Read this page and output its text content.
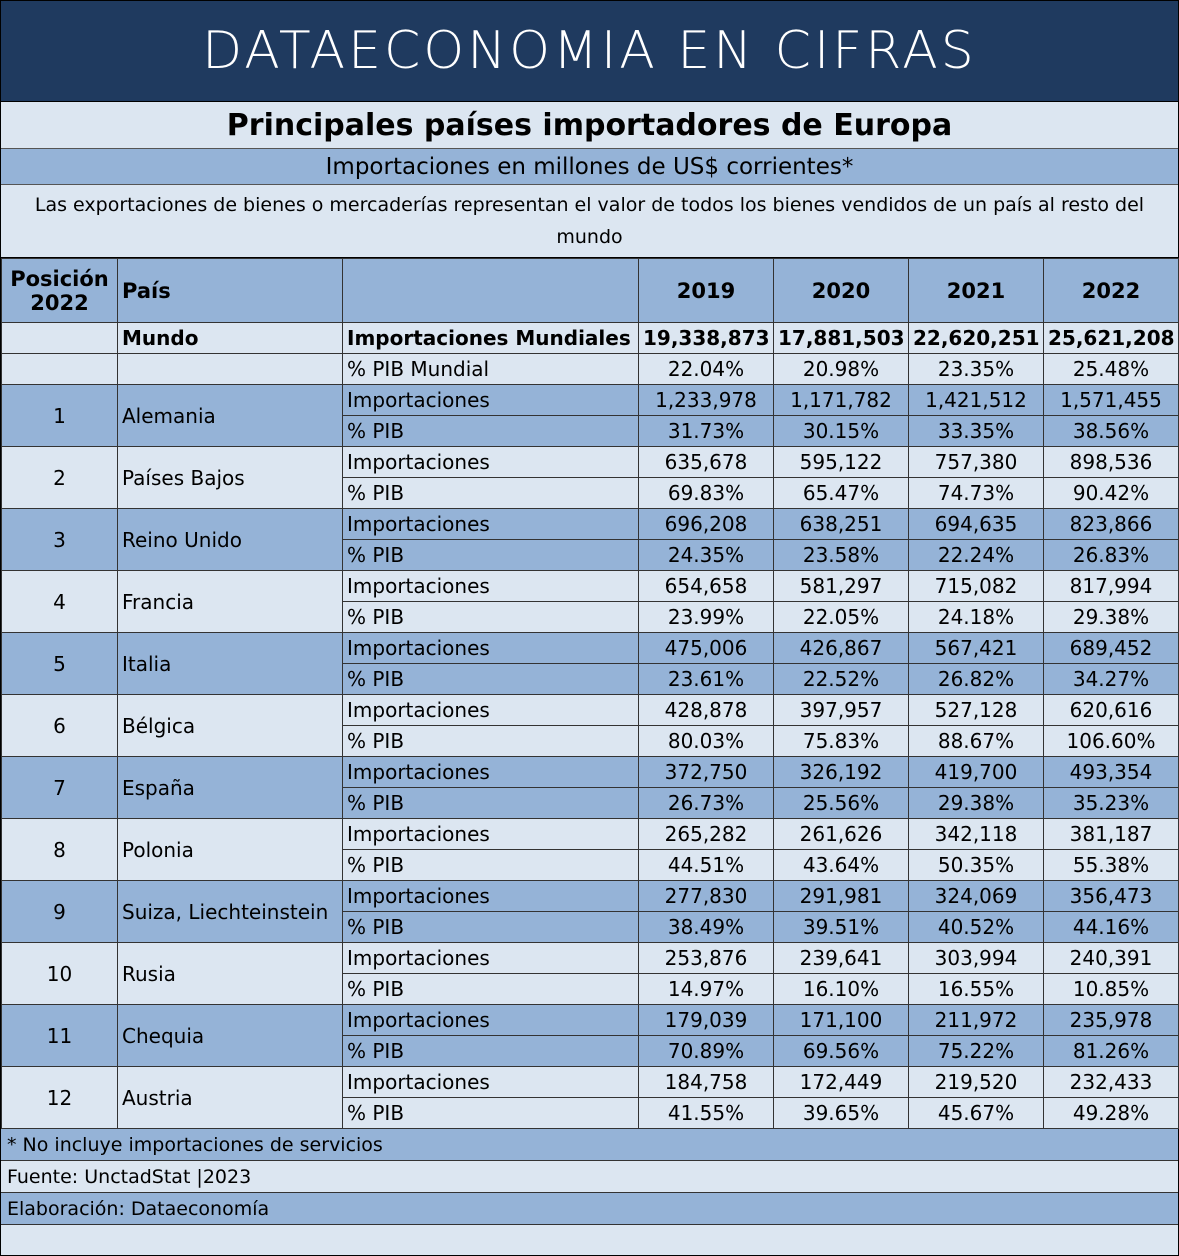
DATAECONOMIA EN CIFRAS
Principales países importadores de Europa
Importaciones en millones de US$ corrientes*
Las exportaciones de bienes o mercaderías representan el valor de todos los bienes vendidos de un país al resto del mundo
Posición
2022	País		2019	2020	2021	2022
	Mundo	Importaciones Mundiales	19,338,873	17,881,503	22,620,251	25,621,208
		% PIB Mundial	22.04%	20.98%	23.35%	25.48%
1	Alemania	Importaciones	1,233,978	1,171,782	1,421,512	1,571,455
		% PIB	31.73%	30.15%	33.35%	38.56%
2	Países Bajos	Importaciones	635,678	595,122	757,380	898,536
		% PIB	69.83%	65.47%	74.73%	90.42%
3	Reino Unido	Importaciones	696,208	638,251	694,635	823,866
		% PIB	24.35%	23.58%	22.24%	26.83%
4	Francia	Importaciones	654,658	581,297	715,082	817,994
		% PIB	23.99%	22.05%	24.18%	29.38%
5	Italia	Importaciones	475,006	426,867	567,421	689,452
		% PIB	23.61%	22.52%	26.82%	34.27%
6	Bélgica	Importaciones	428,878	397,957	527,128	620,616
		% PIB	80.03%	75.83%	88.67%	106.60%
7	España	Importaciones	372,750	326,192	419,700	493,354
		% PIB	26.73%	25.56%	29.38%	35.23%
8	Polonia	Importaciones	265,282	261,626	342,118	381,187
		% PIB	44.51%	43.64%	50.35%	55.38%
9	Suiza, Liechteinstein	Importaciones	277,830	291,981	324,069	356,473
		% PIB	38.49%	39.51%	40.52%	44.16%
10	Rusia	Importaciones	253,876	239,641	303,994	240,391
		% PIB	14.97%	16.10%	16.55%	10.85%
11	Chequia	Importaciones	179,039	171,100	211,972	235,978
		% PIB	70.89%	69.56%	75.22%	81.26%
12	Austria	Importaciones	184,758	172,449	219,520	232,433
		% PIB	41.55%	39.65%	45.67%	49.28%
* No incluye importaciones de servicios
Fuente: UnctadStat |2023
Elaboración: Dataeconomía
